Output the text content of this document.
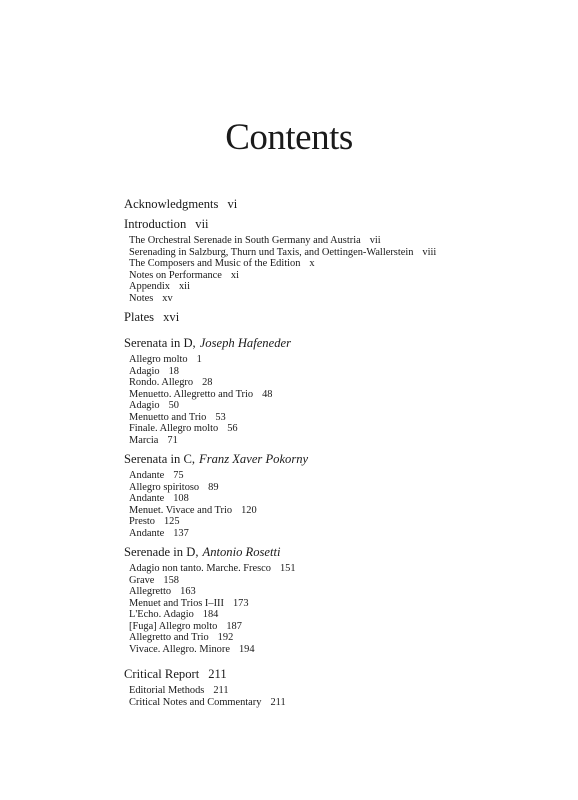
Contents
Acknowledgments vi
Introduction vii
The Orchestral Serenade in South Germany and Austria vii
Serenading in Salzburg, Thurn und Taxis, and Oettingen-Wallerstein viii
The Composers and Music of the Edition x
Notes on Performance xi
Appendix xii
Notes xv
Plates xvi
Serenata in D, Joseph Hafeneder
Allegro molto 1
Adagio 18
Rondo. Allegro 28
Menuetto. Allegretto and Trio 48
Adagio 50
Menuetto and Trio 53
Finale. Allegro molto 56
Marcia 71
Serenata in C, Franz Xaver Pokorny
Andante 75
Allegro spiritoso 89
Andante 108
Menuet. Vivace and Trio 120
Presto 125
Andante 137
Serenade in D, Antonio Rosetti
Adagio non tanto. Marche. Fresco 151
Grave 158
Allegretto 163
Menuet and Trios I–III 173
L'Echo. Adagio 184
[Fuga] Allegro molto 187
Allegretto and Trio 192
Vivace. Allegro. Minore 194
Critical Report 211
Editorial Methods 211
Critical Notes and Commentary 211
